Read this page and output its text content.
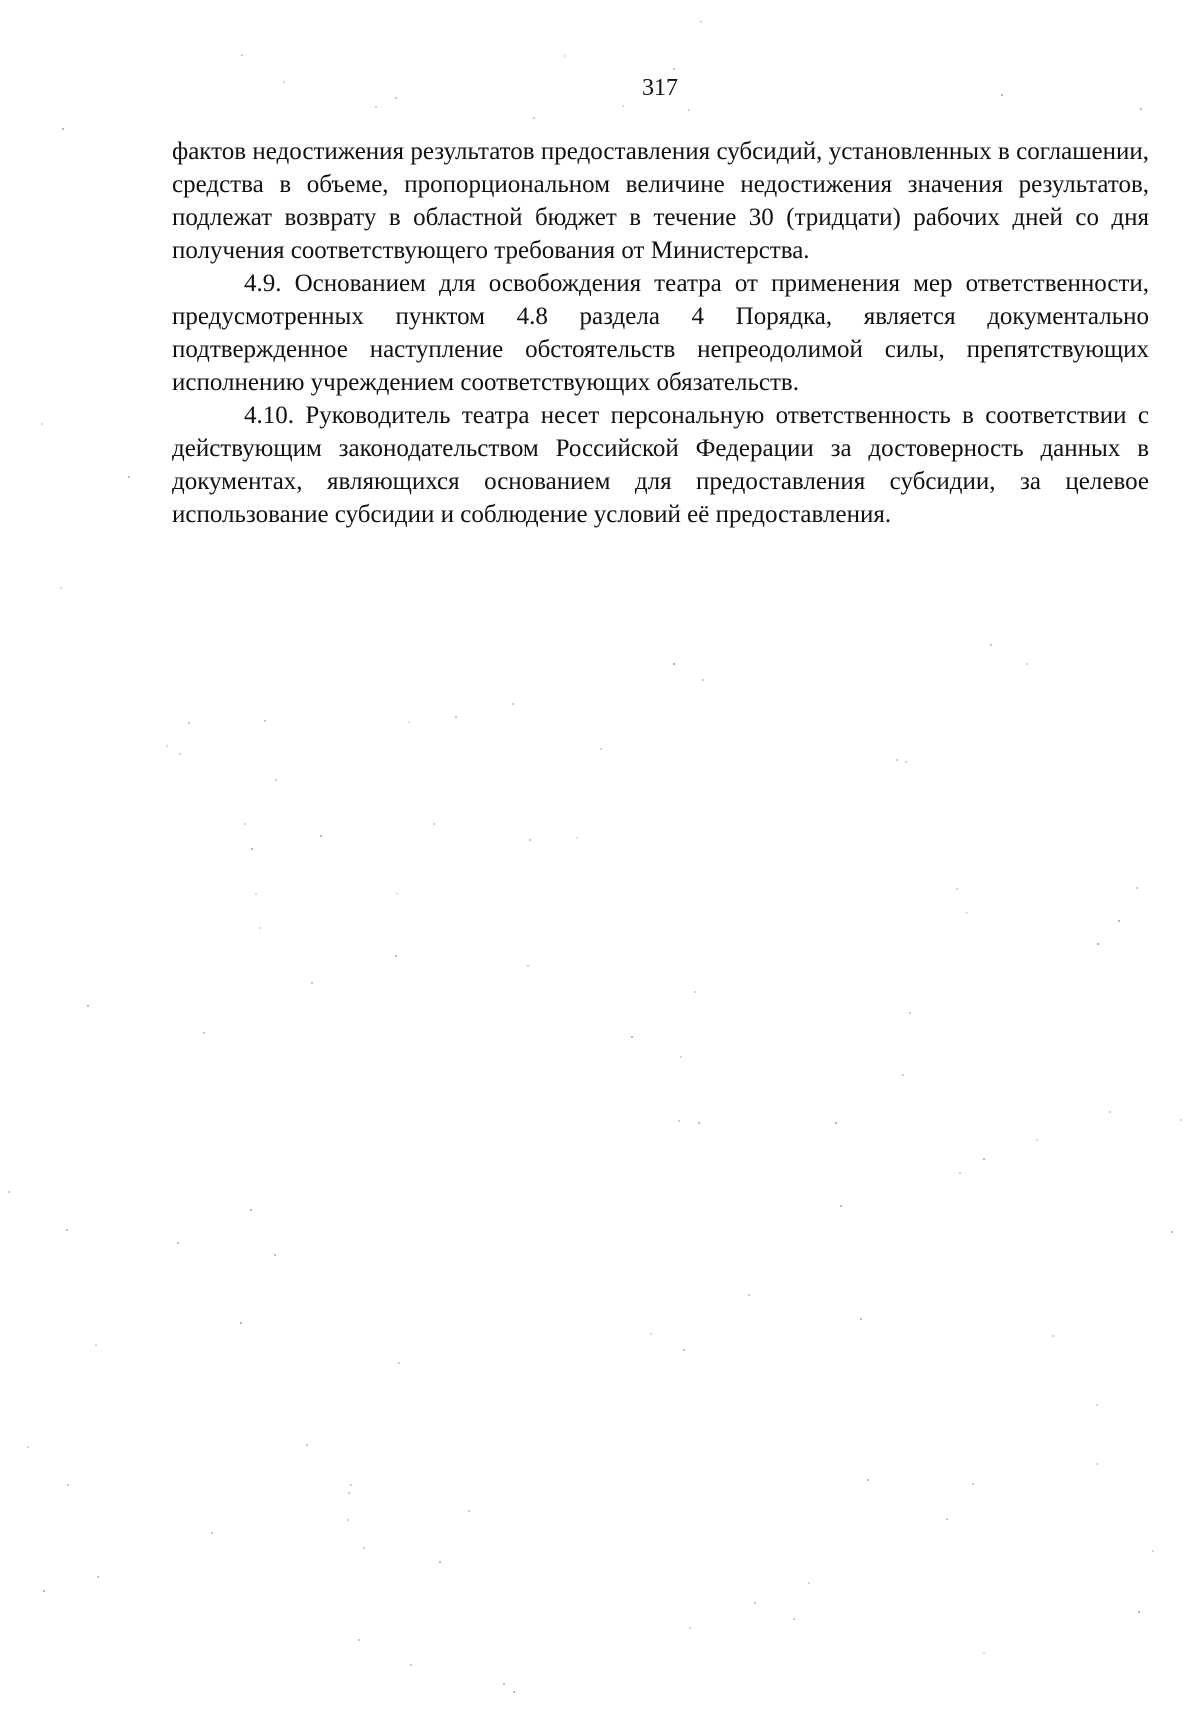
317

фактов недостижения результатов предоставления субсидий, установленных в соглашении, средства в объеме, пропорциональном величине недостижения значения результатов, подлежат возврату в областной бюджет в течение 30 (тридцати) рабочих дней со дня получения соответствующего требования от Министерства.

4.9. Основанием для освобождения театра от применения мер ответственности, предусмотренных пунктом 4.8 раздела 4 Порядка, является документально подтвержденное наступление обстоятельств непреодолимой силы, препятствующих исполнению учреждением соответствующих обязательств.

4.10. Руководитель театра несет персональную ответственность в соответствии с действующим законодательством Российской Федерации за достоверность данных в документах, являющихся основанием для предоставления субсидии, за целевое использование субсидии и соблюдение условий её предоставления.
